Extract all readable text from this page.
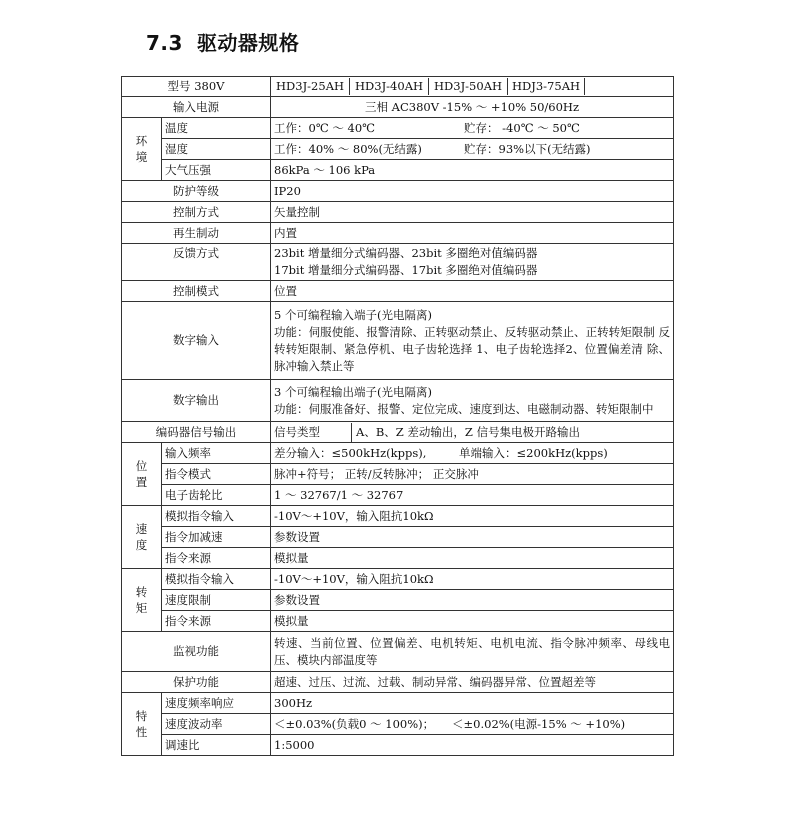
7.3 驱动器规格
型号 380V		HD3J-25AH HD3J-40AH HD3J-50AH HDJ3-75AH

输入电源		三相 AC380V -15% ～ +10% 50/60Hz
环境	温度	工作：0℃ ～ 40℃ 贮存： -40℃ ～ 50℃

	湿度	工作：40% ～ 80%(无结露) 贮存：93%以下(无结露)

	大气压强	86kPa ～ 106 kPa
防护等级		IP20
控制方式		矢量控制
再生制动		内置
反馈方式		23bit 增量细分式编码器、23bit 多圈绝对值编码器
17bit 增量细分式编码器、17bit 多圈绝对值编码器

控制模式		位置
数字输入		5 个可编程输入端子(光电隔离)
功能：伺服使能、报警清除、正转驱动禁止、反转驱动禁止、正转转矩限制 反转转矩限制、紧急停机、电子齿轮选择 1、电子齿轮选择2、位置偏差清 除、脉冲输入禁止等

数字输出		3 个可编程输出端子(光电隔离)
功能：伺服准备好、报警、定位完成、速度到达、电磁制动器、转矩限制中

编码器信号输出		信号类型 A、B、Z 差动输出，Z 信号集电极开路输出

位置	输入频率	差分输入：≤500kHz(kpps), 单端输入：≤200kHz(kpps)

	指令模式	脉冲+符号； 正转/反转脉冲； 正交脉冲
	电子齿轮比	1 ～ 32767/1 ～ 32767
速度	模拟指令输入	-10V～+10V，输入阻抗10kΩ
	指令加减速	参数设置
	指令来源	模拟量
转矩	模拟指令输入	-10V～+10V，输入阻抗10kΩ
	速度限制	参数设置
	指令来源	模拟量
监视功能		转速、当前位置、位置偏差、电机转矩、电机电流、指令脉冲频率、母线电压、模块内部温度等
保护功能		超速、过压、过流、过载、制动异常、编码器异常、位置超差等
特性	速度频率响应	300Hz
	速度波动率	＜±0.03%(负载0 ～ 100%)； ＜±0.02%(电源-15% ～ +10%)

	调速比	1:5000
